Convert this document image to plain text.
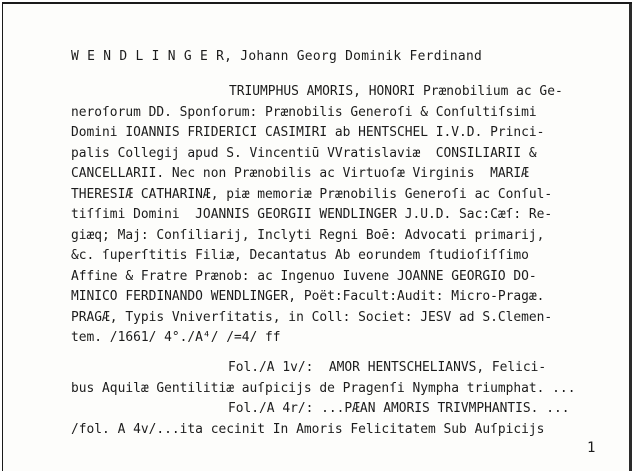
W E N D L I N G E R, Johann Georg Dominik Ferdinand
TRIUMPHUS AMORIS, HONORI Prænobilium ac Ge-
neroſorum DD. Sponſorum: Prænobilis Generoſi & Conſultiſsimi
Domini IOANNIS FRIDERICI CASIMIRI ab HENTSCHEL I.V.D. Princi-
palis Collegij apud S. Vincentiū VVratislaviæ  CONSILIARII &
CANCELLARII. Nec non Prænobilis ac Virtuoſæ Virginis  MARIÆ
THERESIÆ CATHARINÆ, piæ memoriæ Prænobilis Generoſi ac Conſul-
tiſſimi Domini  JOANNIS GEORGII WENDLINGER J.U.D. Sac:Cæſ: Re-
giæq; Maj: Conſiliarij, Inclyti Regni Boē: Advocati primarij,
&c. ſuperſtitis Filiæ, Decantatus Ab eorundem ſtudioſiſſimo
Affine & Fratre Prænob: ac Ingenuo Iuvene JOANNE GEORGIO DO-
MINICO FERDINANDO WENDLINGER, Poët:Facult:Audit: Micro-Pragæ.
PRAGÆ, Typis Vniverſitatis, in Coll: Societ: JESV ad S.Clemen-
tem. /1661/ 4°./A⁴/ /=4/ ff
Fol./A 1v/:  AMOR HENTSCHELIANVS, Felici-
bus Aquilæ Gentilitiæ auſpicijs de Pragenſi Nympha triumphat. ...
Fol./A 4r/: ...PÆAN AMORIS TRIVMPHANTIS. ...
/fol. A 4v/...ita cecinit In Amoris Felicitatem Sub Auſpicijs
1
